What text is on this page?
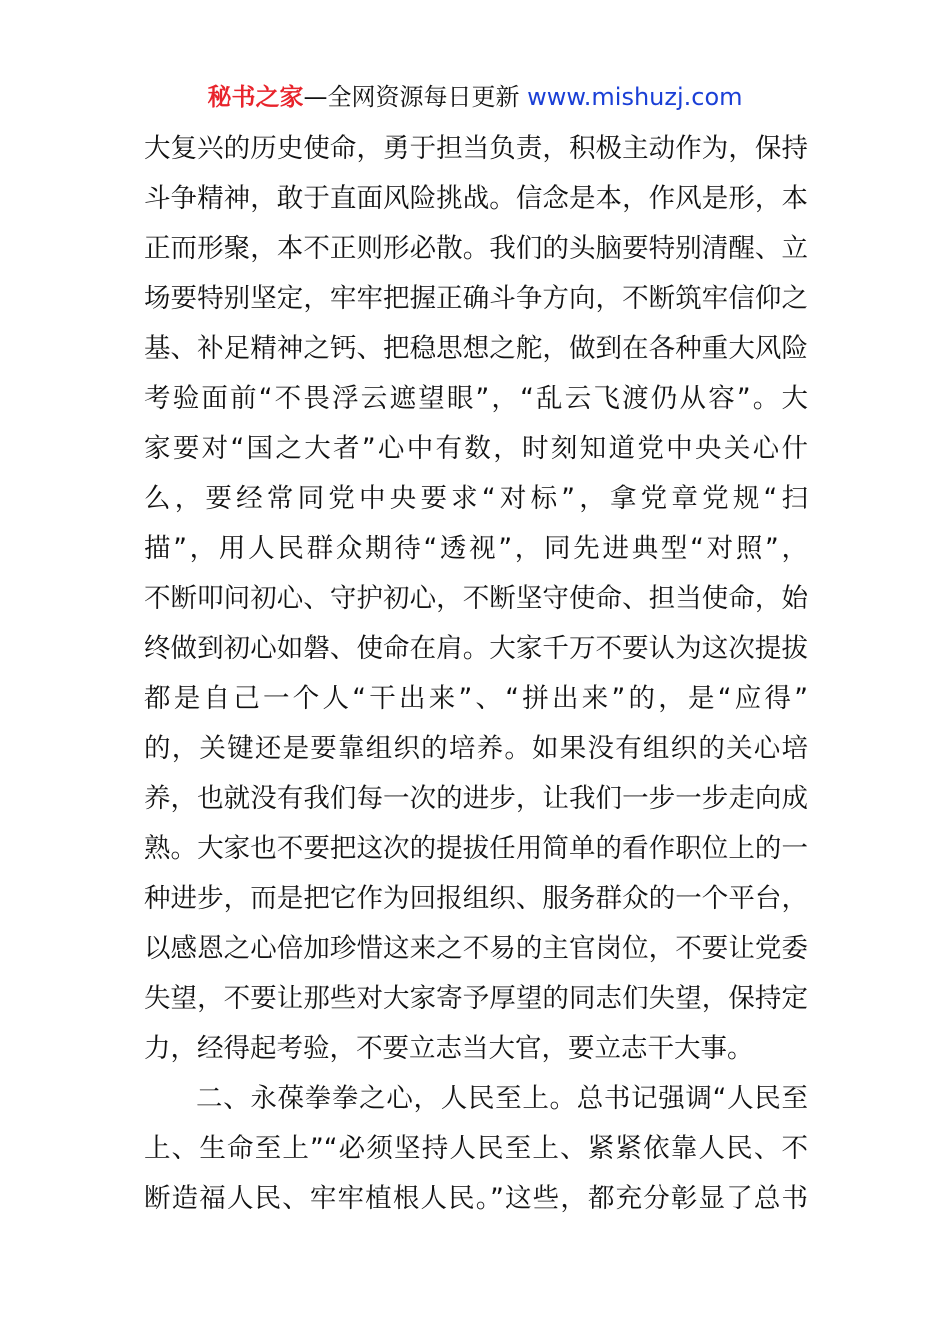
秘书之家—全网资源每日更新 www.mishuzj.com
大复兴的历史使命，勇于担当负责，积极主动作为，保持
斗争精神，敢于直面风险挑战。信念是本，作风是形，本
正而形聚，本不正则形必散。我们的头脑要特别清醒、立
场要特别坚定，牢牢把握正确斗争方向，不断筑牢信仰之
基、补足精神之钙、把稳思想之舵，做到在各种重大风险
考验面前“不畏浮云遮望眼”，“乱云飞渡仍从容”。大
家要对“国之大者”心中有数，时刻知道党中央关心什
么，要经常同党中央要求“对标”，拿党章党规“扫
描”，用人民群众期待“透视”，同先进典型“对照”，
不断叩问初心、守护初心，不断坚守使命、担当使命，始
终做到初心如磐、使命在肩。大家千万不要认为这次提拔
都是自己一个人“干出来”、“拼出来”的，是“应得”
的，关键还是要靠组织的培养。如果没有组织的关心培
养，也就没有我们每一次的进步，让我们一步一步走向成
熟。大家也不要把这次的提拔任用简单的看作职位上的一
种进步，而是把它作为回报组织、服务群众的一个平台，
以感恩之心倍加珍惜这来之不易的主官岗位，不要让党委
失望，不要让那些对大家寄予厚望的同志们失望，保持定
力，经得起考验，不要立志当大官，要立志干大事。
二、永葆拳拳之心，人民至上。总书记强调“人民至
上、生命至上”“必须坚持人民至上、紧紧依靠人民、不
断造福人民、牢牢植根人民。”这些，都充分彰显了总书
